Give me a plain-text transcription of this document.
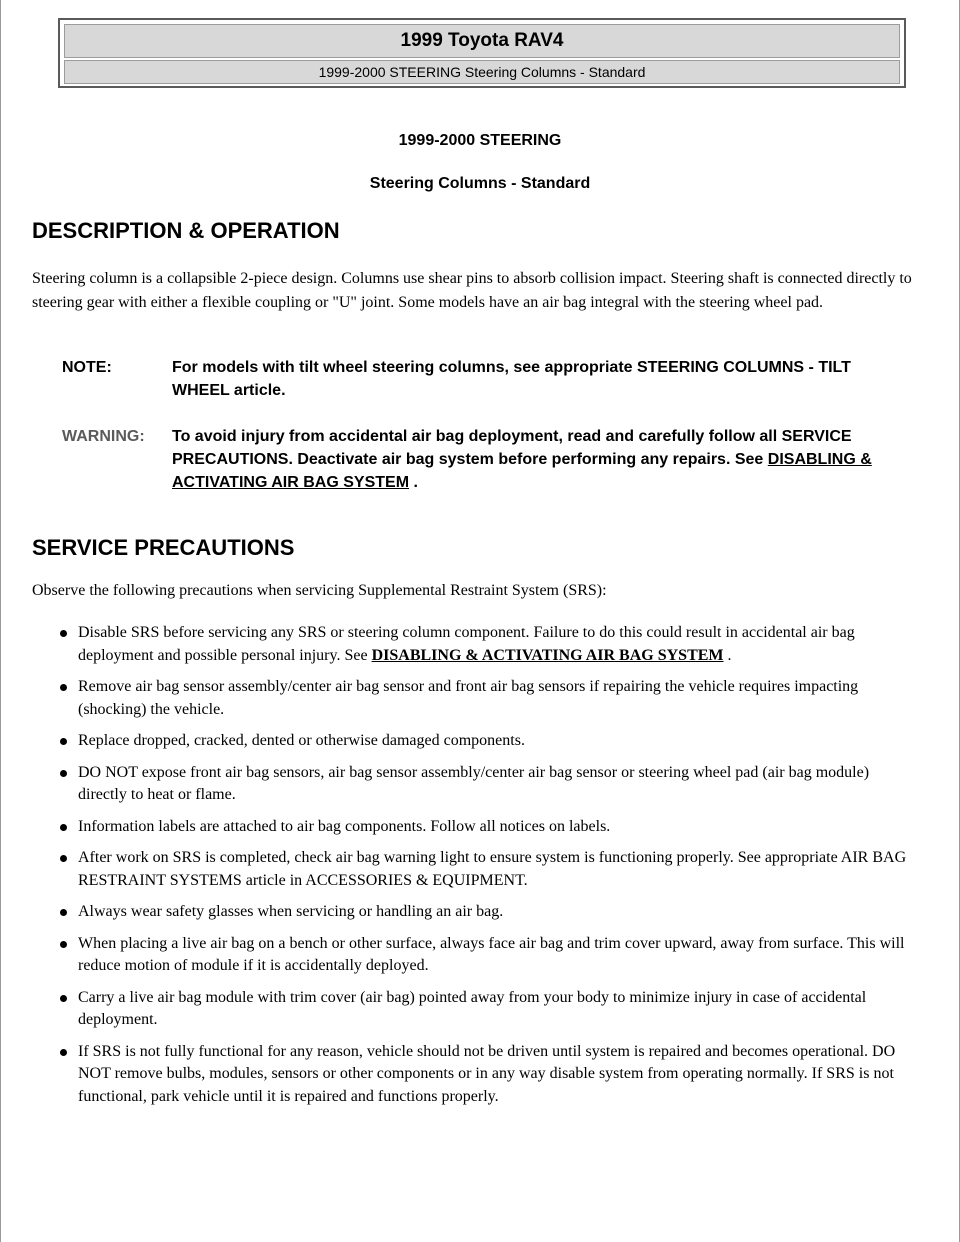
1999 Toyota RAV4
1999-2000 STEERING Steering Columns - Standard
1999-2000 STEERING
Steering Columns - Standard
DESCRIPTION & OPERATION

Steering column is a collapsible 2-piece design. Columns use shear pins to absorb collision impact. Steering shaft is connected directly to steering gear with either a flexible coupling or "U" joint. Some models have an air bag integral with the steering wheel pad.

NOTE:	For models with tilt wheel steering columns, see appropriate STEERING COLUMNS - TILT WHEEL article.
WARNING:	To avoid injury from accidental air bag deployment, read and carefully follow all SERVICE PRECAUTIONS. Deactivate air bag system before performing any repairs. See DISABLING & ACTIVATING AIR BAG SYSTEM .
SERVICE PRECAUTIONS

Observe the following precautions when servicing Supplemental Restraint System (SRS):

Disable SRS before servicing any SRS or steering column component. Failure to do this could result in accidental air bag deployment and possible personal injury. See DISABLING & ACTIVATING AIR BAG SYSTEM .
Remove air bag sensor assembly/center air bag sensor and front air bag sensors if repairing the vehicle requires impacting (shocking) the vehicle.
Replace dropped, cracked, dented or otherwise damaged components.
DO NOT expose front air bag sensors, air bag sensor assembly/center air bag sensor or steering wheel pad (air bag module) directly to heat or flame.
Information labels are attached to air bag components. Follow all notices on labels.
After work on SRS is completed, check air bag warning light to ensure system is functioning properly. See appropriate AIR BAG RESTRAINT SYSTEMS article in ACCESSORIES & EQUIPMENT.
Always wear safety glasses when servicing or handling an air bag.
When placing a live air bag on a bench or other surface, always face air bag and trim cover upward, away from surface. This will reduce motion of module if it is accidentally deployed.
Carry a live air bag module with trim cover (air bag) pointed away from your body to minimize injury in case of accidental deployment.
If SRS is not fully functional for any reason, vehicle should not be driven until system is repaired and becomes operational. DO NOT remove bulbs, modules, sensors or other components or in any way disable system from operating normally. If SRS is not functional, park vehicle until it is repaired and functions properly.
